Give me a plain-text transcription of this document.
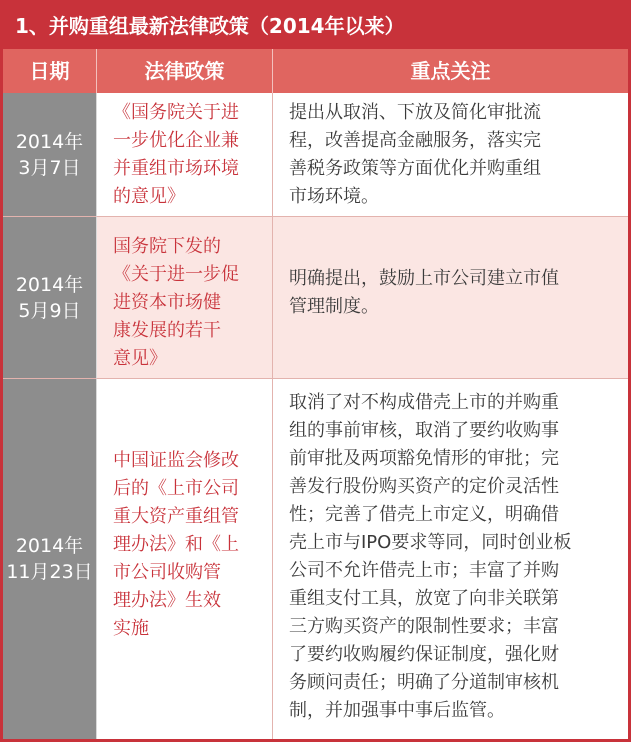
1、并购重组最新法律政策（2014年以来）
日期	法律政策	重点关注
2014年
3月7日
《国务院关于进
一步优化企业兼
并重组市场环境
的意见》
提出从取消、下放及简化审批流
程，改善提高金融服务，落实完
善税务政策等方面优化并购重组
市场环境。
2014年
5月9日
国务院下发的
《关于进一步促
进资本市场健
康发展的若干
意见》
明确提出，鼓励上市公司建立市值
管理制度。
2014年
11月23日
中国证监会修改
后的《上市公司
重大资产重组管
理办法》和《上
市公司收购管
理办法》生效
实施
取消了对不构成借壳上市的并购重
组的事前审核，取消了要约收购事
前审批及两项豁免情形的审批；完
善发行股份购买资产的定价灵活性
性；完善了借壳上市定义，明确借
壳上市与IPO要求等同，同时创业板
公司不允许借壳上市；丰富了并购
重组支付工具，放宽了向非关联第
三方购买资产的限制性要求；丰富
了要约收购履约保证制度，强化财
务顾问责任；明确了分道制审核机
制，并加强事中事后监管。
